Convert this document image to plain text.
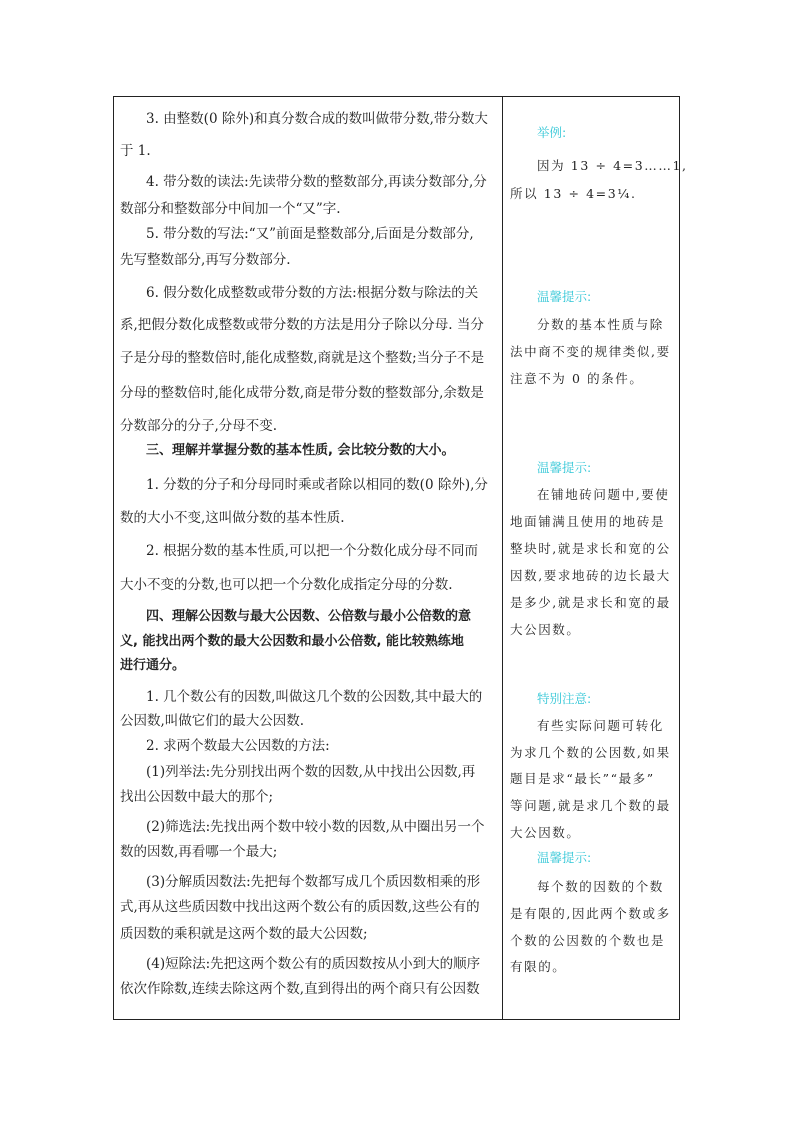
3. 由整数(0 除外)和真分数合成的数叫做带分数,带分数大
于 1.
4. 带分数的读法:先读带分数的整数部分,再读分数部分,分
数部分和整数部分中间加一个“又”字.
5. 带分数的写法:“又”前面是整数部分,后面是分数部分,
先写整数部分,再写分数部分.
6. 假分数化成整数或带分数的方法:根据分数与除法的关
系,把假分数化成整数或带分数的方法是用分子除以分母. 当分
子是分母的整数倍时,能化成整数,商就是这个整数;当分子不是
分母的整数倍时,能化成带分数,商是带分数的整数部分,余数是
分数部分的分子,分母不变.
三、理解并掌握分数的基本性质, 会比较分数的大小。
1. 分数的分子和分母同时乘或者除以相同的数(0 除外),分
数的大小不变,这叫做分数的基本性质.
2. 根据分数的基本性质,可以把一个分数化成分母不同而
大小不变的分数,也可以把一个分数化成指定分母的分数.
四、理解公因数与最大公因数、公倍数与最小公倍数的意
义, 能找出两个数的最大公因数和最小公倍数, 能比较熟练地
进行通分。
1. 几个数公有的因数,叫做这几个数的公因数,其中最大的
公因数,叫做它们的最大公因数.
2. 求两个数最大公因数的方法:
(1)列举法:先分别找出两个数的因数,从中找出公因数,再
找出公因数中最大的那个;
(2)筛选法:先找出两个数中较小数的因数,从中圈出另一个
数的因数,再看哪一个最大;
(3)分解质因数法:先把每个数都写成几个质因数相乘的形
式,再从这些质因数中找出这两个数公有的质因数,这些公有的
质因数的乘积就是这两个数的最大公因数;
(4)短除法:先把这两个数公有的质因数按从小到大的顺序
依次作除数,连续去除这两个数,直到得出的两个商只有公因数
举例:
因为 13 ÷ 4=3……1,
所以 13 ÷ 4=3¼.
温馨提示:
分数的基本性质与除
法中商不变的规律类似,要
注意不为 0 的条件。
温馨提示:
在铺地砖问题中,要使
地面铺满且使用的地砖是
整块时,就是求长和宽的公
因数,要求地砖的边长最大
是多少,就是求长和宽的最
大公因数。
特别注意:
有些实际问题可转化
为求几个数的公因数,如果
题目是求“最长”“最多”
等问题,就是求几个数的最
大公因数。
温馨提示:
每个数的因数的个数
是有限的,因此两个数或多
个数的公因数的个数也是
有限的。
